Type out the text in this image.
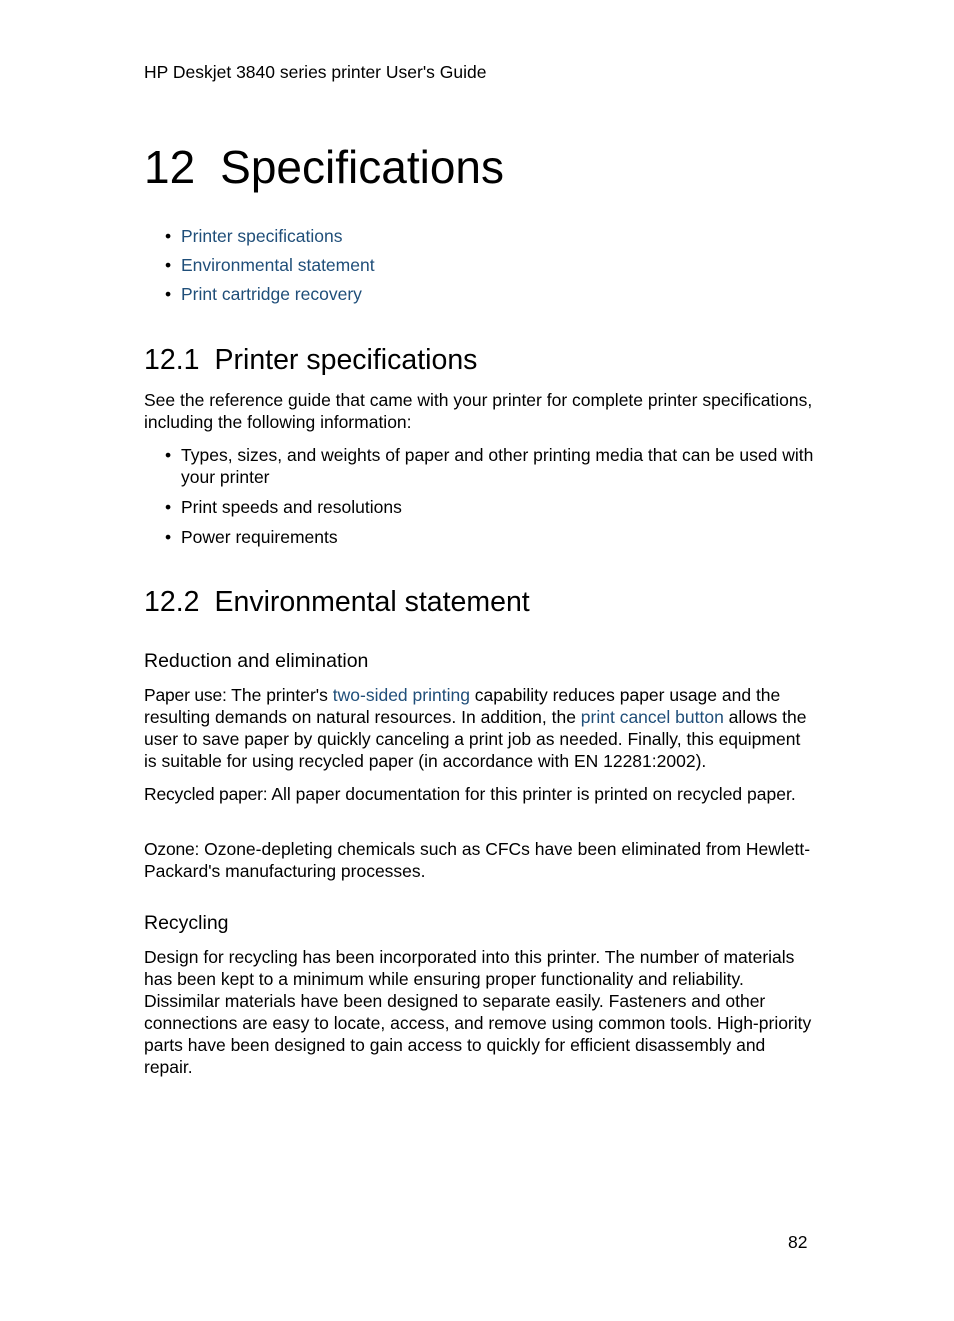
HP Deskjet 3840 series printer User's Guide
12 Specifications
• Printer specifications
• Environmental statement
• Print cartridge recovery
12.1 Printer specifications

See the reference guide that came with your printer for complete printer specifications, including the following information:

• Types, sizes, and weights of paper and other printing media that can be used with your printer
• Print speeds and resolutions
• Power requirements
12.2 Environmental statement
Reduction and elimination

Paper use: The printer's two-sided printing capability reduces paper usage and the resulting demands on natural resources. In addition, the print cancel button allows the user to save paper by quickly canceling a print job as needed. Finally, this equipment is suitable for using recycled paper (in accordance with EN 12281:2002).

Recycled paper: All paper documentation for this printer is printed on recycled paper.

Ozone: Ozone-depleting chemicals such as CFCs have been eliminated from Hewlett-Packard's manufacturing processes.

Recycling

Design for recycling has been incorporated into this printer. The number of materials has been kept to a minimum while ensuring proper functionality and reliability. Dissimilar materials have been designed to separate easily. Fasteners and other connections are easy to locate, access, and remove using common tools. High-priority parts have been designed to gain access to quickly for efficient disassembly and repair.

82
